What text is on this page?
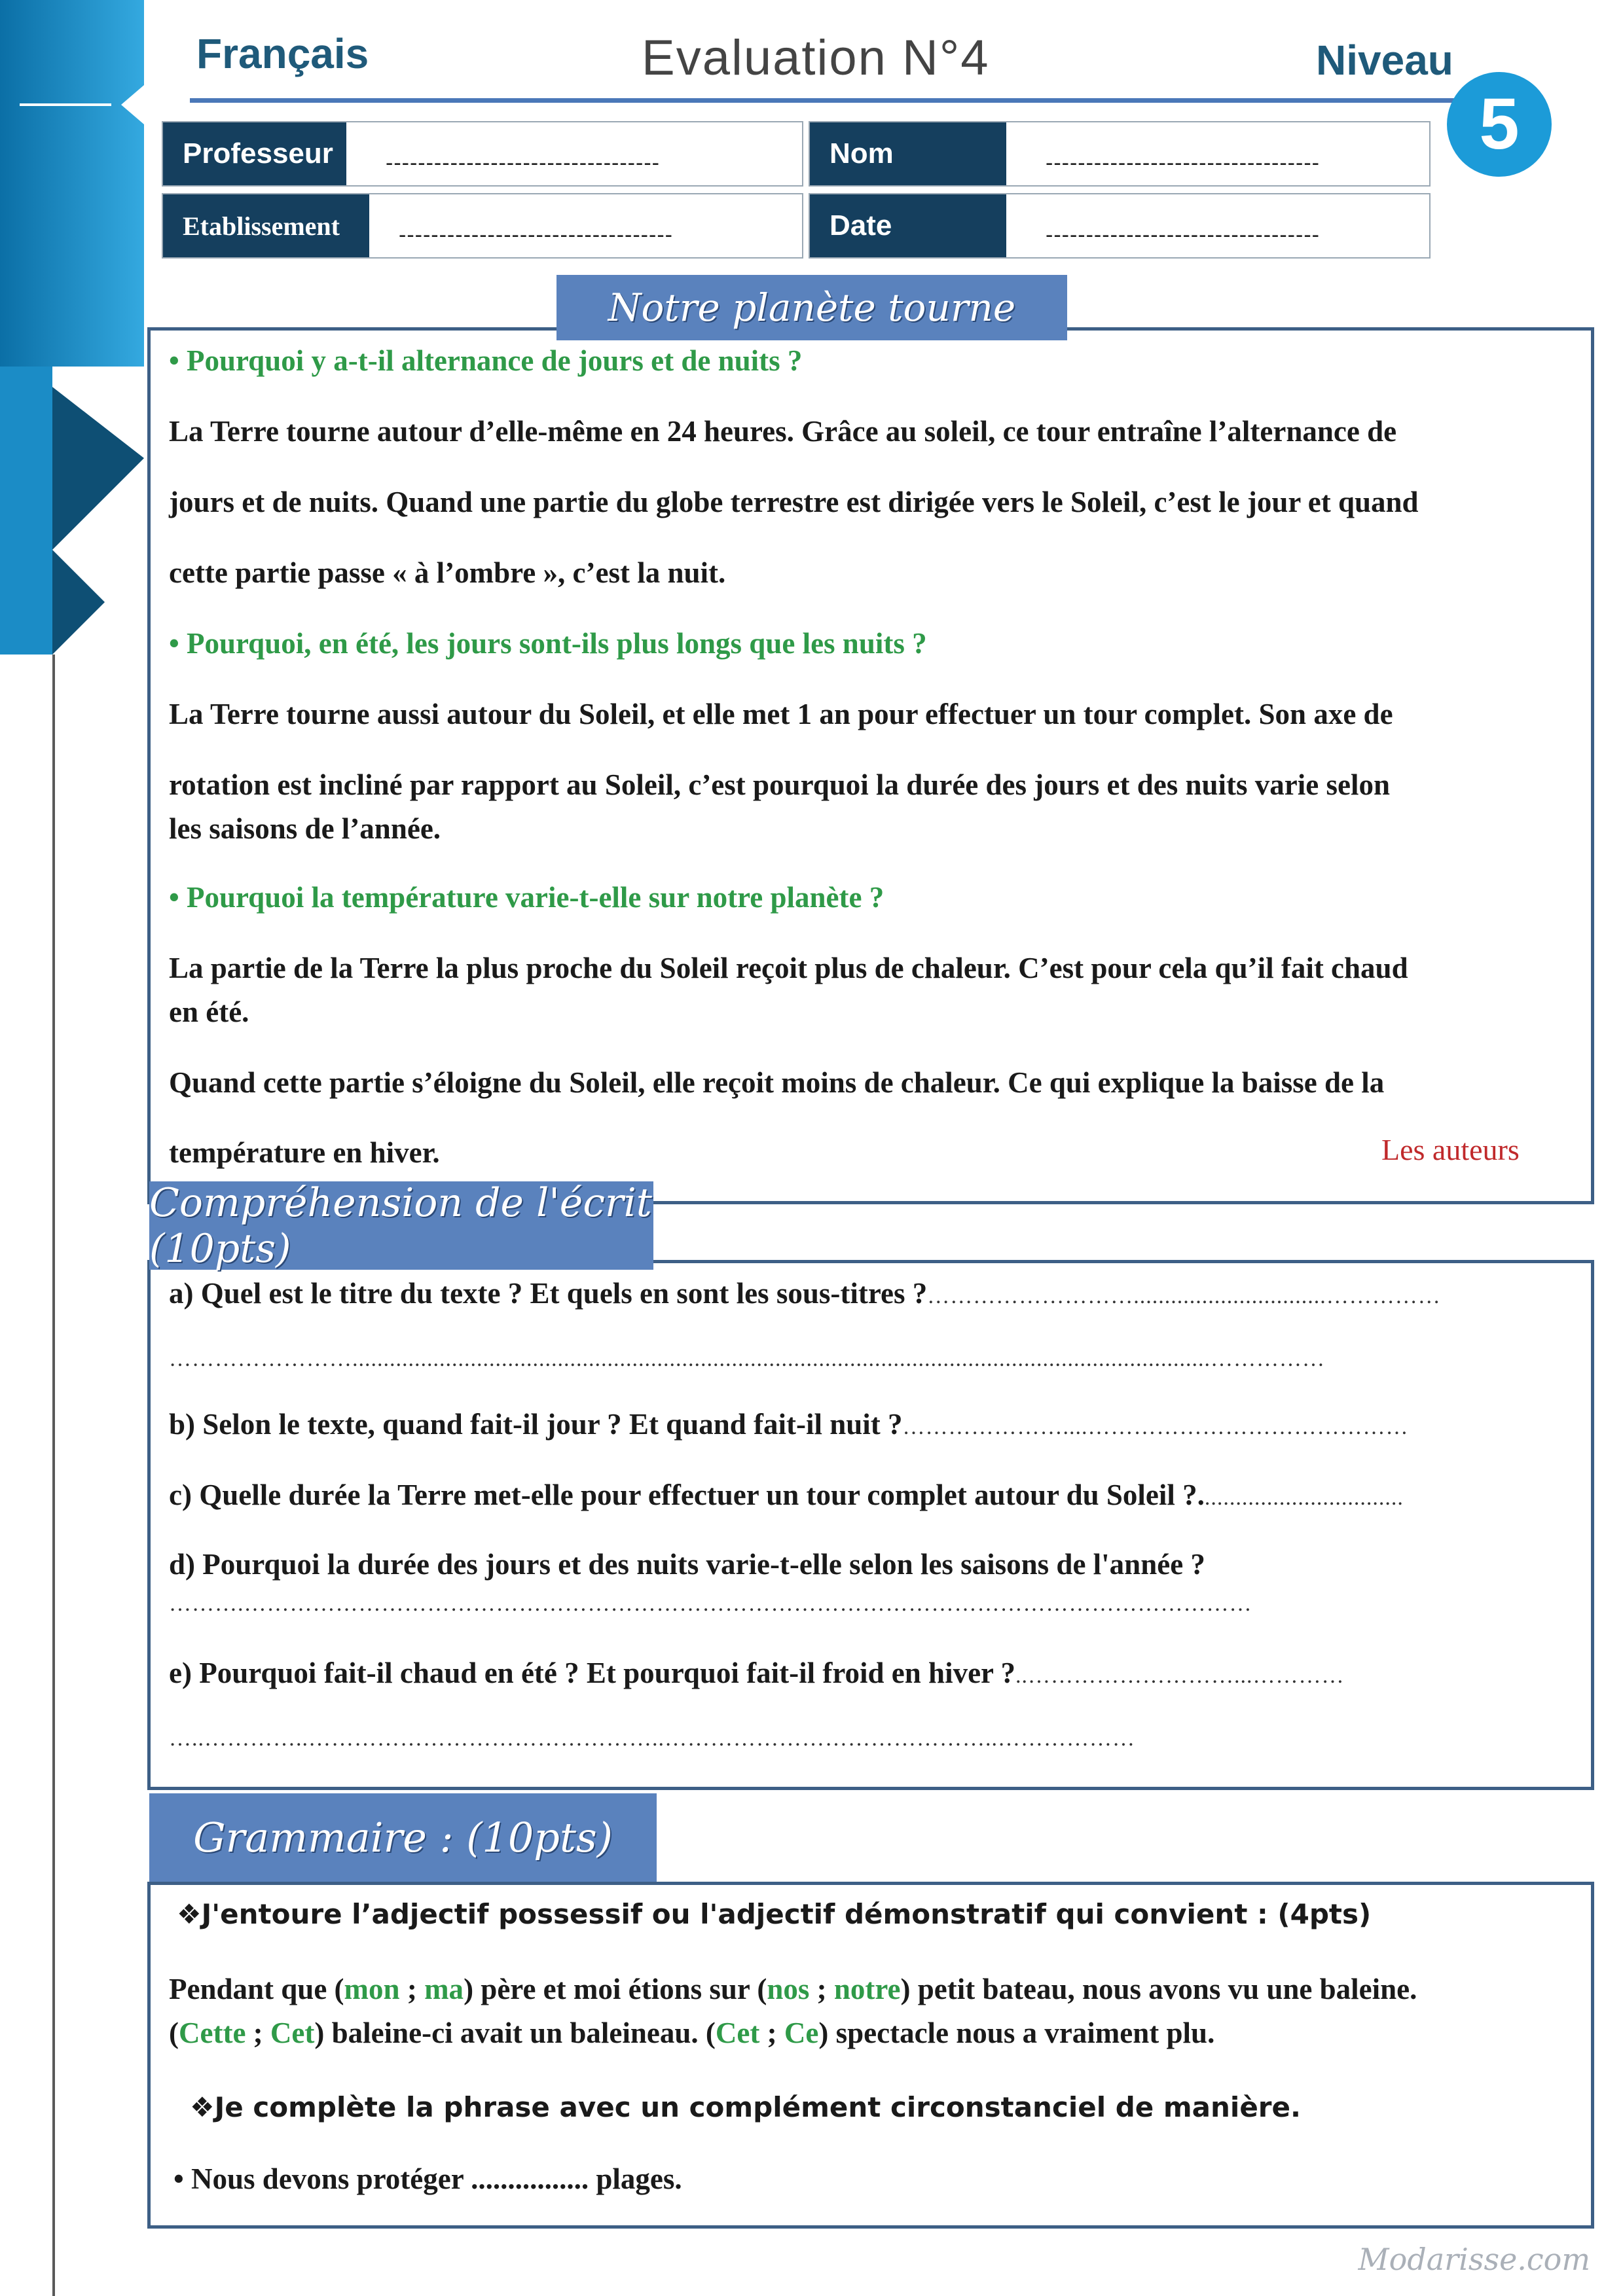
Français	Evaluation N°4	Niveau
5
Professeur	----------------------------------	Nom	----------------------------------
Etablissement	----------------------------------	Date	----------------------------------
Notre planète tourne
• Pourquoi y a-t-il alternance de jours et de nuits ?
La Terre tourne autour d’elle-même en 24 heures. Grâce au soleil, ce tour entraîne l’alternance de
jours et de nuits. Quand une partie du globe terrestre est dirigée vers le Soleil, c’est le jour et quand
cette partie passe « à l’ombre », c’est la nuit.
• Pourquoi, en été, les jours sont-ils plus longs que les nuits ?
La Terre tourne aussi autour du Soleil, et elle met 1 an pour effectuer un tour complet. Son axe de
rotation est incliné par rapport au Soleil, c’est pourquoi la durée des jours et des nuits varie selon
les saisons de l’année.
• Pourquoi la température varie-t-elle sur notre planète ?
La partie de la Terre la plus proche du Soleil reçoit plus de chaleur. C’est pour cela qu’il fait chaud
en été.
Quand cette partie s’éloigne du Soleil, elle reçoit moins de chaleur. Ce qui explique la baisse de la
température en hiver.	Les auteurs
Compréhension de l'écrit (10pts)
a) Quel est le titre du texte ? Et quels en sont les sous-titres ?………………………...............................……………
……………………..........................................................................................................................................……………
b) Selon le texte, quand fait-il jour ? Et quand fait-il nuit ?…………………....……………………………………
c) Quelle durée la Terre met-elle pour effectuer un tour complet autour du Soleil ?.................................
d) Pourquoi la durée des jours et des nuits varie-t-elle selon les saisons de l'année ?
……….……………………………………………………………………………………………………………………
e) Pourquoi fait-il chaud en été ? Et pourquoi fait-il froid en hiver ?..………………………...…………
…..…………..………………………………………..……………………………………..………………
Grammaire : (10pts)
❖J'entoure l’adjectif possessif ou l'adjectif démonstratif qui convient : (4pts)
Pendant que (mon ; ma) père et moi étions sur (nos ; notre) petit bateau, nous avons vu une baleine.
(Cette ; Cet) baleine-ci avait un baleineau. (Cet ; Ce) spectacle nous a vraiment plu.
❖Je complète la phrase avec un complément circonstanciel de manière.
• Nous devons protéger ................ plages.
Modarisse.com
